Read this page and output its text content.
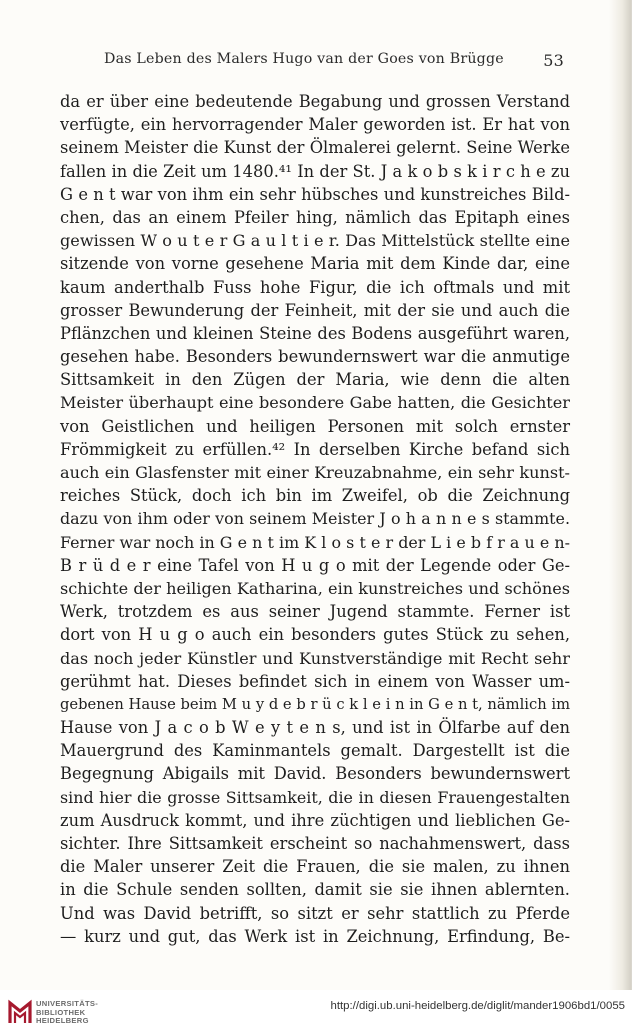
Das Leben des Malers Hugo van der Goes von Brügge 53
da er über eine bedeutende Begabung und grossen Verstand
verfügte, ein hervorragender Maler geworden ist. Er hat von
seinem Meister die Kunst der Ölmalerei gelernt. Seine Werke
fallen in die Zeit um 1480.⁴¹ In der St. J a k o b s k i r c h e zu
G e n t war von ihm ein sehr hübsches und kunstreiches Bild-
chen, das an einem Pfeiler hing, nämlich das Epitaph eines
gewissen W o u t e r G a u l t i e r. Das Mittelstück stellte eine
sitzende von vorne gesehene Maria mit dem Kinde dar, eine
kaum anderthalb Fuss hohe Figur, die ich oftmals und mit
grosser Bewunderung der Feinheit, mit der sie und auch die
Pflänzchen und kleinen Steine des Bodens ausgeführt waren,
gesehen habe. Besonders bewundernswert war die anmutige
Sittsamkeit in den Zügen der Maria, wie denn die alten
Meister überhaupt eine besondere Gabe hatten, die Gesichter
von Geistlichen und heiligen Personen mit solch ernster
Frömmigkeit zu erfüllen.⁴² In derselben Kirche befand sich
auch ein Glasfenster mit einer Kreuzabnahme, ein sehr kunst-
reiches Stück, doch ich bin im Zweifel, ob die Zeichnung
dazu von ihm oder von seinem Meister J o h a n n e s stammte.
Ferner war noch in G e n t im K l o s t e r der L i e b f r a u e n-
B r ü d e r eine Tafel von H u g o mit der Legende oder Ge-
schichte der heiligen Katharina, ein kunstreiches und schönes
Werk, trotzdem es aus seiner Jugend stammte. Ferner ist
dort von H u g o auch ein besonders gutes Stück zu sehen,
das noch jeder Künstler und Kunstverständige mit Recht sehr
gerühmt hat. Dieses befindet sich in einem von Wasser um-
gebenen Hause beim M u y d e b r ü c k l e i n in G e n t, nämlich im
Hause von J a c o b W e y t e n s, und ist in Ölfarbe auf den
Mauergrund des Kaminmantels gemalt. Dargestellt ist die
Begegnung Abigails mit David. Besonders bewundernswert
sind hier die grosse Sittsamkeit, die in diesen Frauengestalten
zum Ausdruck kommt, und ihre züchtigen und lieblichen Ge-
sichter. Ihre Sittsamkeit erscheint so nachahmenswert, dass
die Maler unserer Zeit die Frauen, die sie malen, zu ihnen
in die Schule senden sollten, damit sie sie ihnen ablernten.
Und was David betrifft, so sitzt er sehr stattlich zu Pferde
— kurz und gut, das Werk ist in Zeichnung, Erfindung, Be-
UNIVERSITÄTS-
BIBLIOTHEK
HEIDELBERG
http://digi.ub.uni-heidelberg.de/diglit/mander1906bd1/0055
